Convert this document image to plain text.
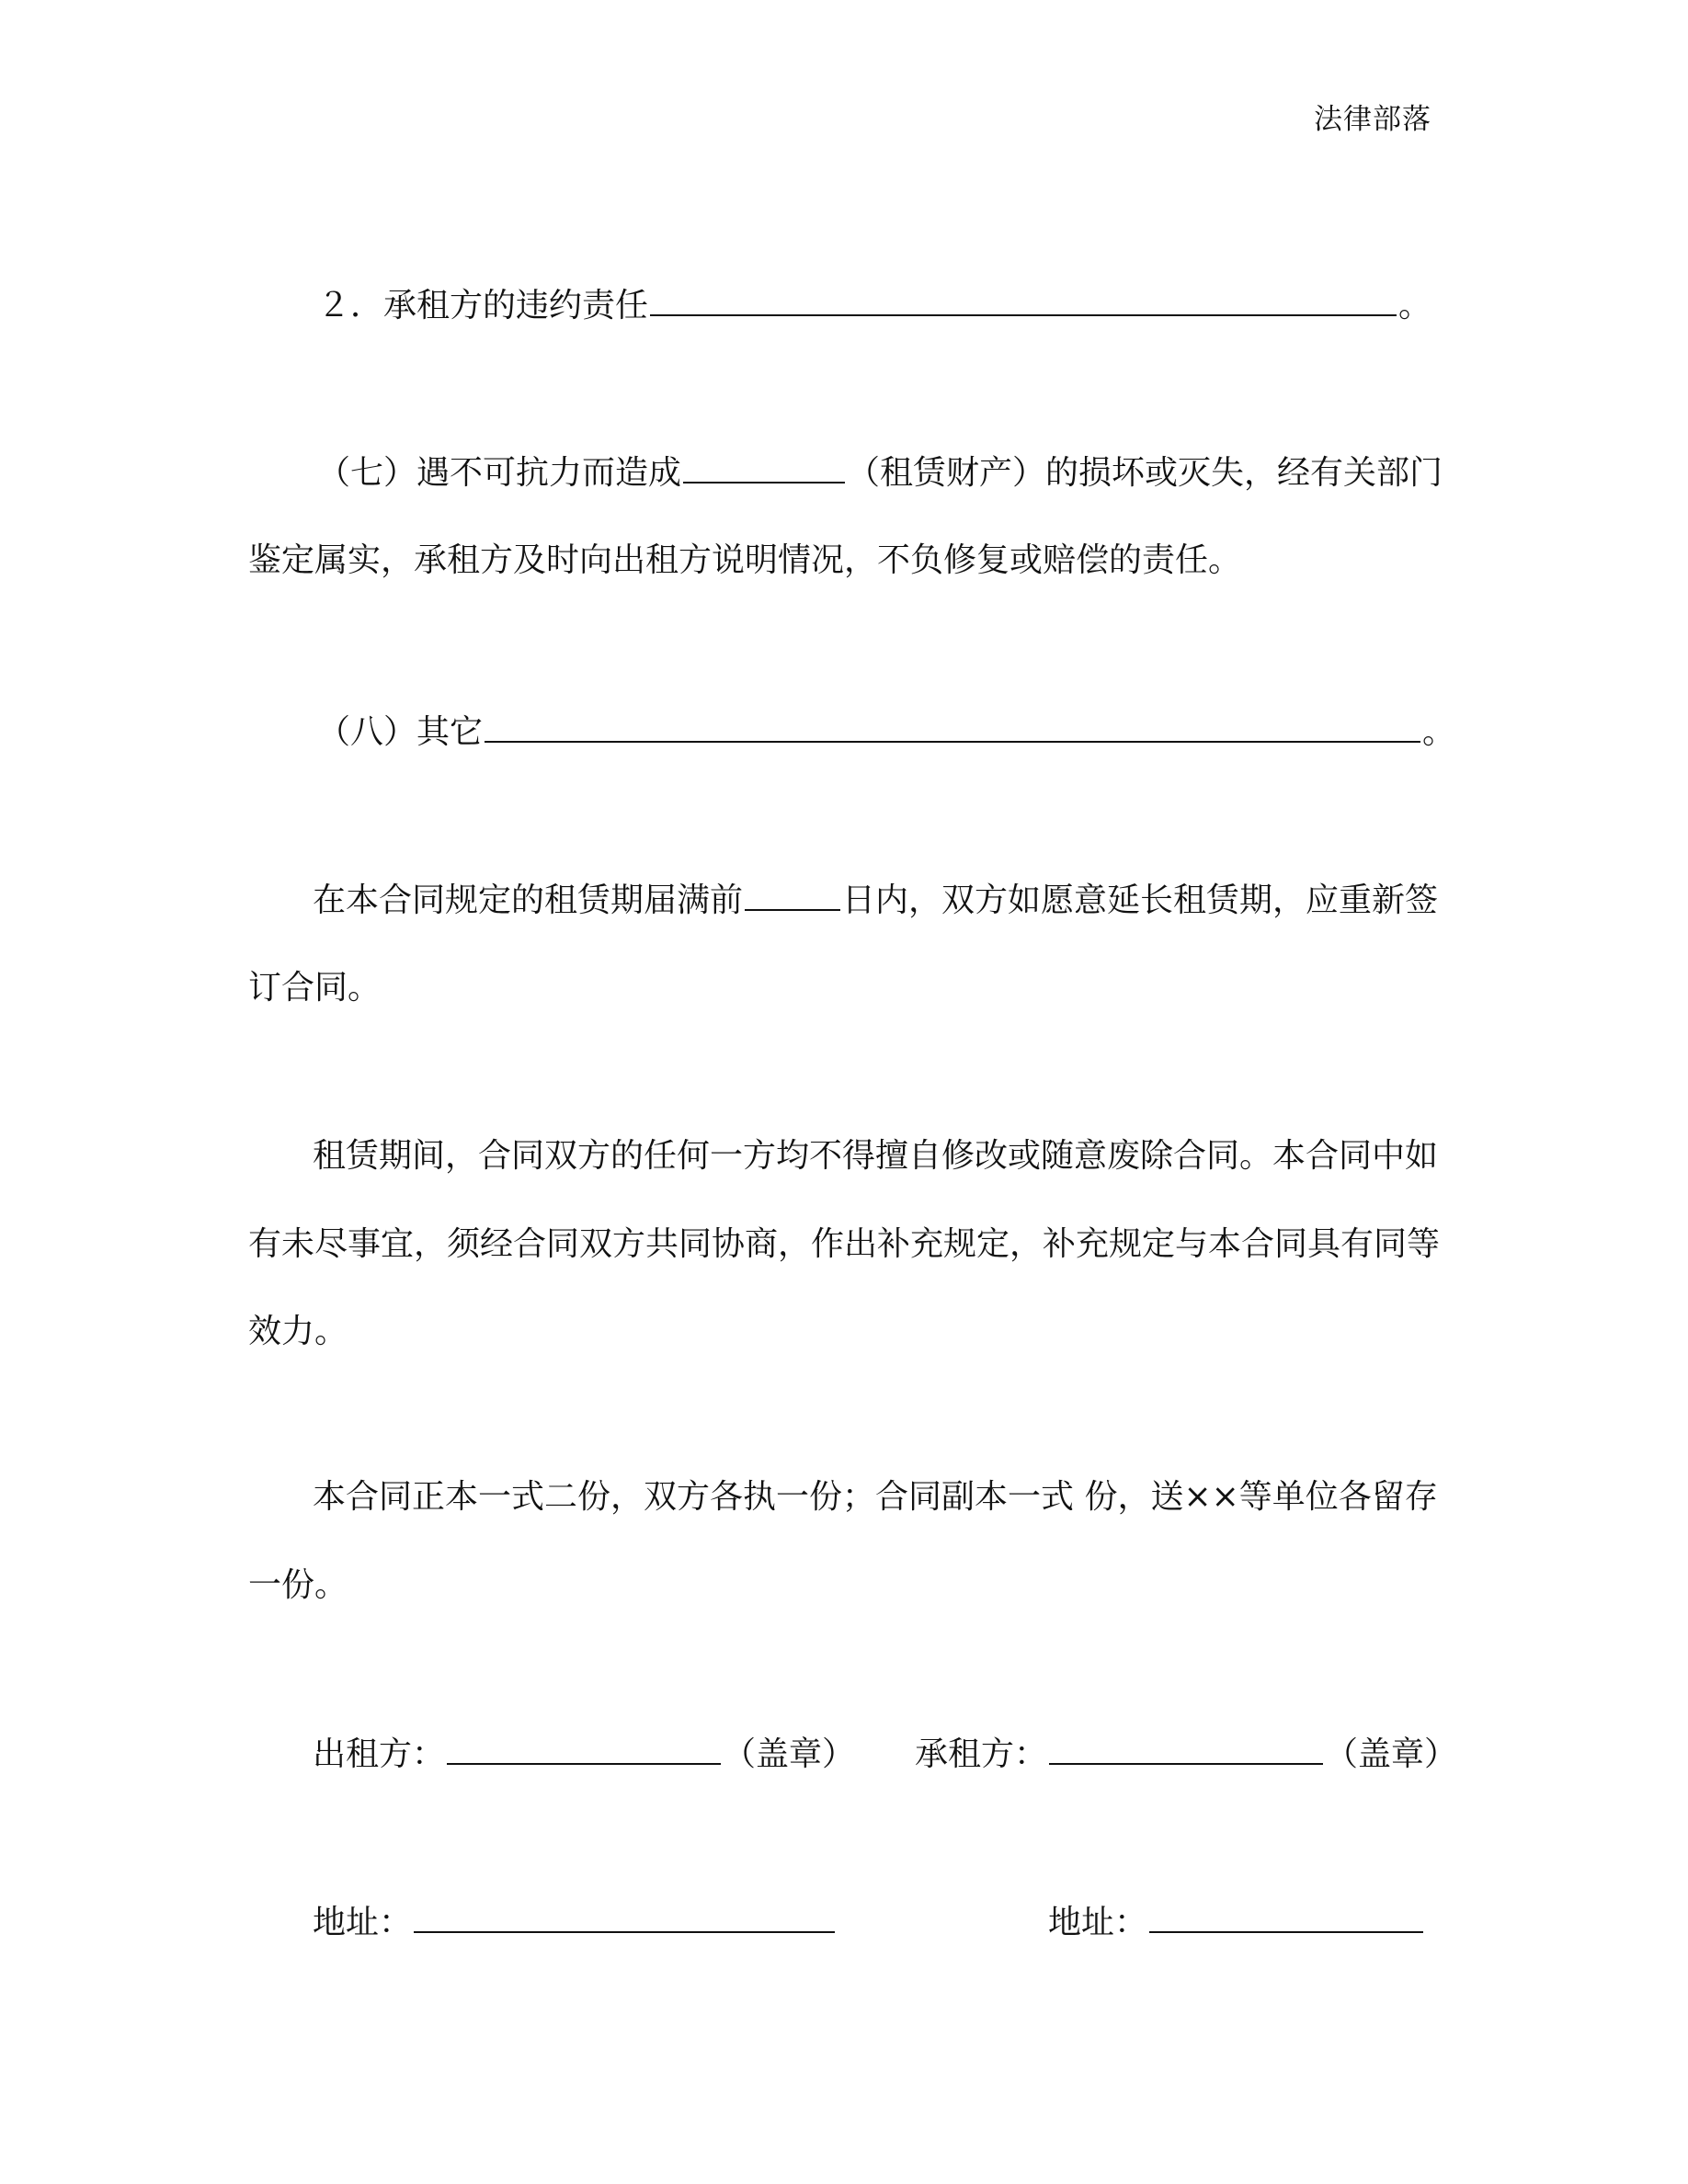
法律部落
２．承租方的违约责任	。
（七）遇不可抗力而造成	（租赁财产）的损坏或灭失，经有关部门
鉴定属实，承租方及时向出租方说明情况，不负修复或赔偿的责任。
（八）其它	。
在本合同规定的租赁期届满前	日内，双方如愿意延长租赁期，应重新签
订合同。
租赁期间，合同双方的任何一方均不得擅自修改或随意废除合同。本合同中如
有未尽事宜，须经合同双方共同协商，作出补充规定，补充规定与本合同具有同等
效力。
本合同正本一式二份，双方各执一份；合同副本一式 份，送××等单位各留存
一份。
出租方：	（盖章） 承租方：	（盖章）
地址：	地址：
